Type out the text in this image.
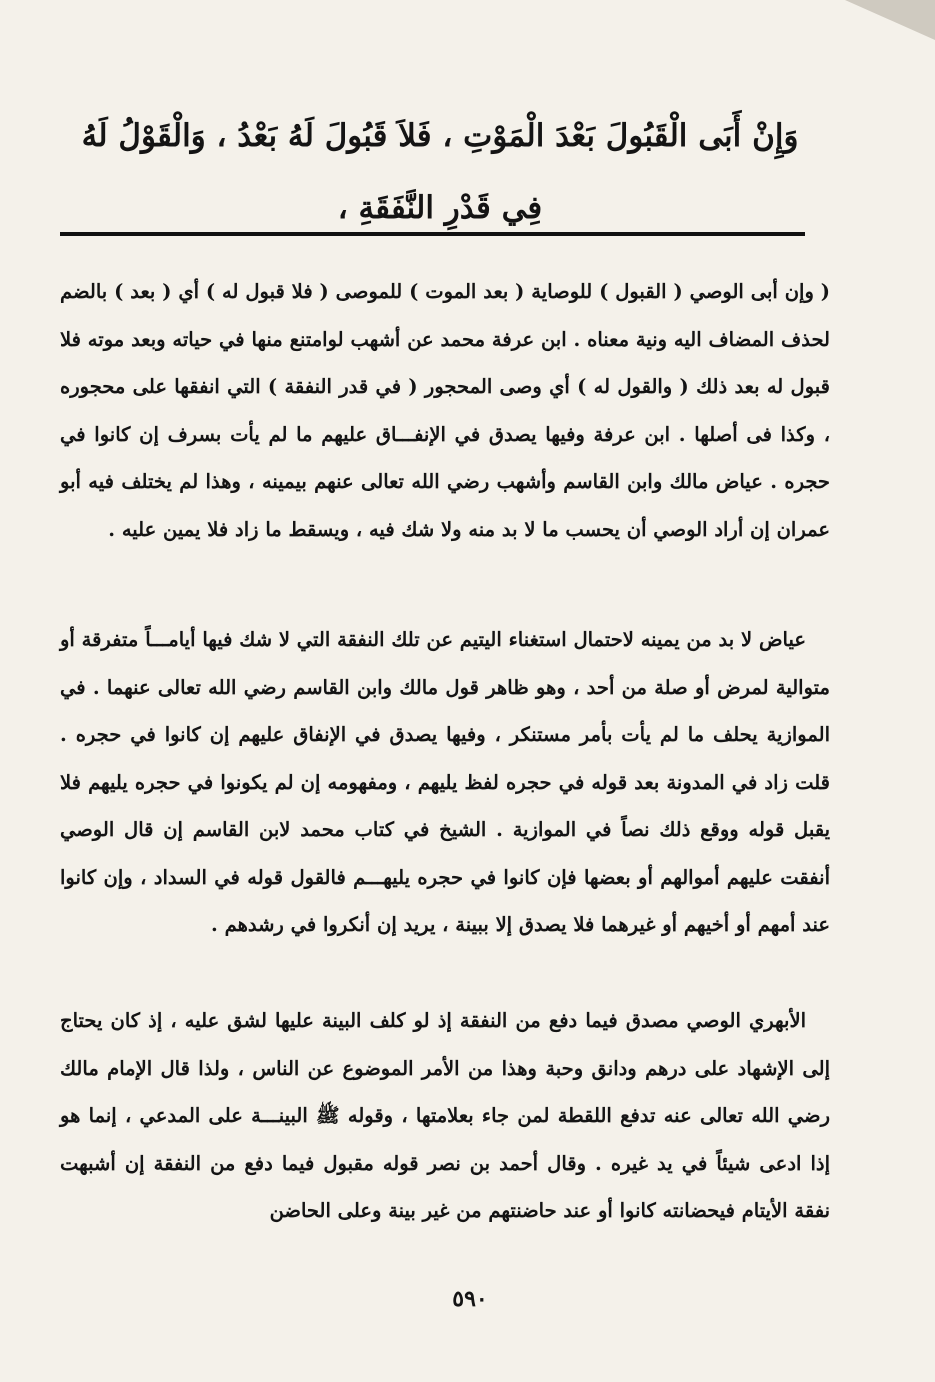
وَإِنْ أَبَى الْقَبُولَ بَعْدَ الْمَوْتِ ، فَلاَ قَبُولَ لَهُ بَعْدُ ، وَالْقَوْلُ لَهُ
فِي قَدْرِ النَّفَقَةِ ،
( وإن أبى الوصي ( القبول ) للوصاية ( بعد الموت ) للموصى ( فلا قبول له ) أي ( بعد ) بالضم لحذف المضاف اليه ونية معناه . ابن عرفة محمد عن أشهب لوامتنع منها في حياته وبعد موته فلا قبول له بعد ذلك ( والقول له ) أي وصى المحجور ( في قدر النفقة ) التي انفقها على محجوره ، وكذا فى أصلها . ابن عرفة وفيها يصدق في الإنفـــاق عليهم ما لم يأت بسرف إن كانوا في حجره . عياض مالك وابن القاسم وأشهب رضي الله تعالى عنهم بيمينه ، وهذا لم يختلف فيه أبو عمران إن أراد الوصي أن يحسب ما لا بد منه ولا شك فيه ، ويسقط ما زاد فلا يمين عليه .
عياض لا بد من يمينه لاحتمال استغناء اليتيم عن تلك النفقة التي لا شك فيها أيامـــاً متفرقة أو متوالية لمرض أو صلة من أحد ، وهو ظاهر قول مالك وابن القاسم رضي الله تعالى عنهما . في الموازية يحلف ما لم يأت بأمر مستنكر ، وفيها يصدق في الإنفاق عليهم إن كانوا في حجره . قلت زاد في المدونة بعد قوله في حجره لفظ يليهم ، ومفهومه إن لم يكونوا في حجره يليهم فلا يقبل قوله ووقع ذلك نصاً في الموازية . الشيخ في كتاب محمد لابن القاسم إن قال الوصي أنفقت عليهم أموالهم أو بعضها فإن كانوا في حجره يليهـــم فالقول قوله في السداد ، وإن كانوا عند أمهم أو أخيهم أو غيرهما فلا يصدق إلا ببينة ، يريد إن أنكروا في رشدهم .
الأبهري الوصي مصدق فيما دفع من النفقة إذ لو كلف البينة عليها لشق عليه ، إذ كان يحتاج إلى الإشهاد على درهم ودانق وحبة وهذا من الأمر الموضوع عن الناس ، ولذا قال الإمام مالك رضي الله تعالى عنه تدفع اللقطة لمن جاء بعلامتها ، وقوله ﷺ البينـــة على المدعي ، إنما هو إذا ادعى شيئاً في يد غيره . وقال أحمد بن نصر قوله مقبول فيما دفع من النفقة إن أشبهت نفقة الأيتام فيحضانته كانوا أو عند حاضنتهم من غير بينة وعلى الحاضن
٥٩٠
